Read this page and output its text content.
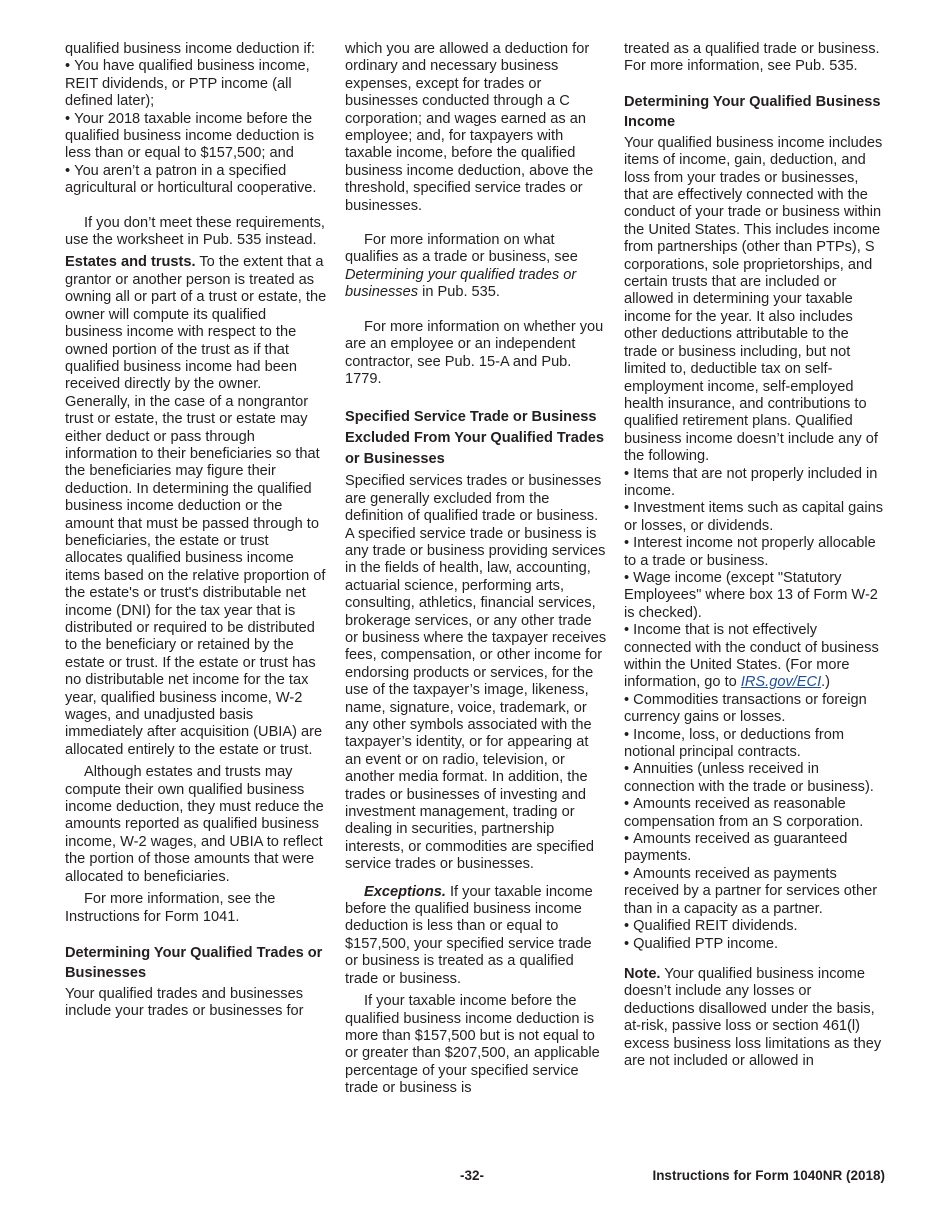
qualified business income deduction if:

• You have qualified business income, REIT dividends, or PTP income (all defined later);

• Your 2018 taxable income before the qualified business income deduction is less than or equal to $157,500; and

• You aren’t a patron in a specified agricultural or horticultural cooperative.

If you don’t meet these requirements, use the worksheet in Pub. 535 instead.

Estates and trusts. To the extent that a grantor or another person is treated as owning all or part of a trust or estate, the owner will compute its qualified business income with respect to the owned portion of the trust as if that qualified business income had been received directly by the owner. Generally, in the case of a nongrantor trust or estate, the trust or estate may either deduct or pass through information to their beneficiaries so that the beneficiaries may figure their deduction. In determining the qualified business income deduction or the amount that must be passed through to beneficiaries, the estate or trust allocates qualified business income items based on the relative proportion of the estate's or trust's distributable net income (DNI) for the tax year that is distributed or required to be distributed to the beneficiary or retained by the estate or trust. If the estate or trust has no distributable net income for the tax year, qualified business income, W-2 wages, and unadjusted basis immediately after acquisition (UBIA) are allocated entirely to the estate or trust.

Although estates and trusts may compute their own qualified business income deduction, they must reduce the amounts reported as qualified business income, W-2 wages, and UBIA to reflect the portion of those amounts that were allocated to beneficiaries.

For more information, see the Instructions for Form 1041.

Determining Your Qualified Trades or Businesses

Your qualified trades and businesses include your trades or businesses for

which you are allowed a deduction for ordinary and necessary business expenses, except for trades or businesses conducted through a C corporation; and wages earned as an employee; and, for taxpayers with taxable income, before the qualified business income deduction, above the threshold, specified service trades or businesses.

For more information on what qualifies as a trade or business, see Determining your qualified trades or businesses in Pub. 535.

For more information on whether you are an employee or an independent contractor, see Pub. 15-A and Pub. 1779.

Specified Service Trade or Business Excluded From Your Qualified Trades or Businesses

Specified services trades or businesses are generally excluded from the definition of qualified trade or business. A specified service trade or business is any trade or business providing services in the fields of health, law, accounting, actuarial science, performing arts, consulting, athletics, financial services, brokerage services, or any other trade or business where the taxpayer receives fees, compensation, or other income for endorsing products or services, for the use of the taxpayer’s image, likeness, name, signature, voice, trademark, or any other symbols associated with the taxpayer’s identity, or for appearing at an event or on radio, television, or another media format. In addition, the trades or businesses of investing and investment management, trading or dealing in securities, partnership interests, or commodities are specified service trades or businesses.

Exceptions. If your taxable income before the qualified business income deduction is less than or equal to $157,500, your specified service trade or business is treated as a qualified trade or business.

If your taxable income before the qualified business income deduction is more than $157,500 but is not equal to or greater than $207,500, an applicable percentage of your specified service trade or business is

treated as a qualified trade or business. For more information, see Pub. 535.

Determining Your Qualified Business Income

Your qualified business income includes items of income, gain, deduction, and loss from your trades or businesses, that are effectively connected with the conduct of your trade or business within the United States. This includes income from partnerships (other than PTPs), S corporations, sole proprietorships, and certain trusts that are included or allowed in determining your taxable income for the year. It also includes other deductions attributable to the trade or business including, but not limited to, deductible tax on self-employment income, self-employed health insurance, and contributions to qualified retirement plans. Qualified business income doesn’t include any of the following.

• Items that are not properly included in income.

• Investment items such as capital gains or losses, or dividends.

• Interest income not properly allocable to a trade or business.

• Wage income (except "Statutory Employees" where box 13 of Form W-2 is checked).

• Income that is not effectively connected with the conduct of business within the United States. (For more information, go to IRS.gov/ECI.)

• Commodities transactions or foreign currency gains or losses.

• Income, loss, or deductions from notional principal contracts.

• Annuities (unless received in connection with the trade or business).

• Amounts received as reasonable compensation from an S corporation.

• Amounts received as guaranteed payments.

• Amounts received as payments received by a partner for services other than in a capacity as a partner.

• Qualified REIT dividends.

• Qualified PTP income.

Note. Your qualified business income doesn’t include any losses or deductions disallowed under the basis, at-risk, passive loss or section 461(l) excess business loss limitations as they are not included or allowed in

-32-	Instructions for Form 1040NR (2018)
